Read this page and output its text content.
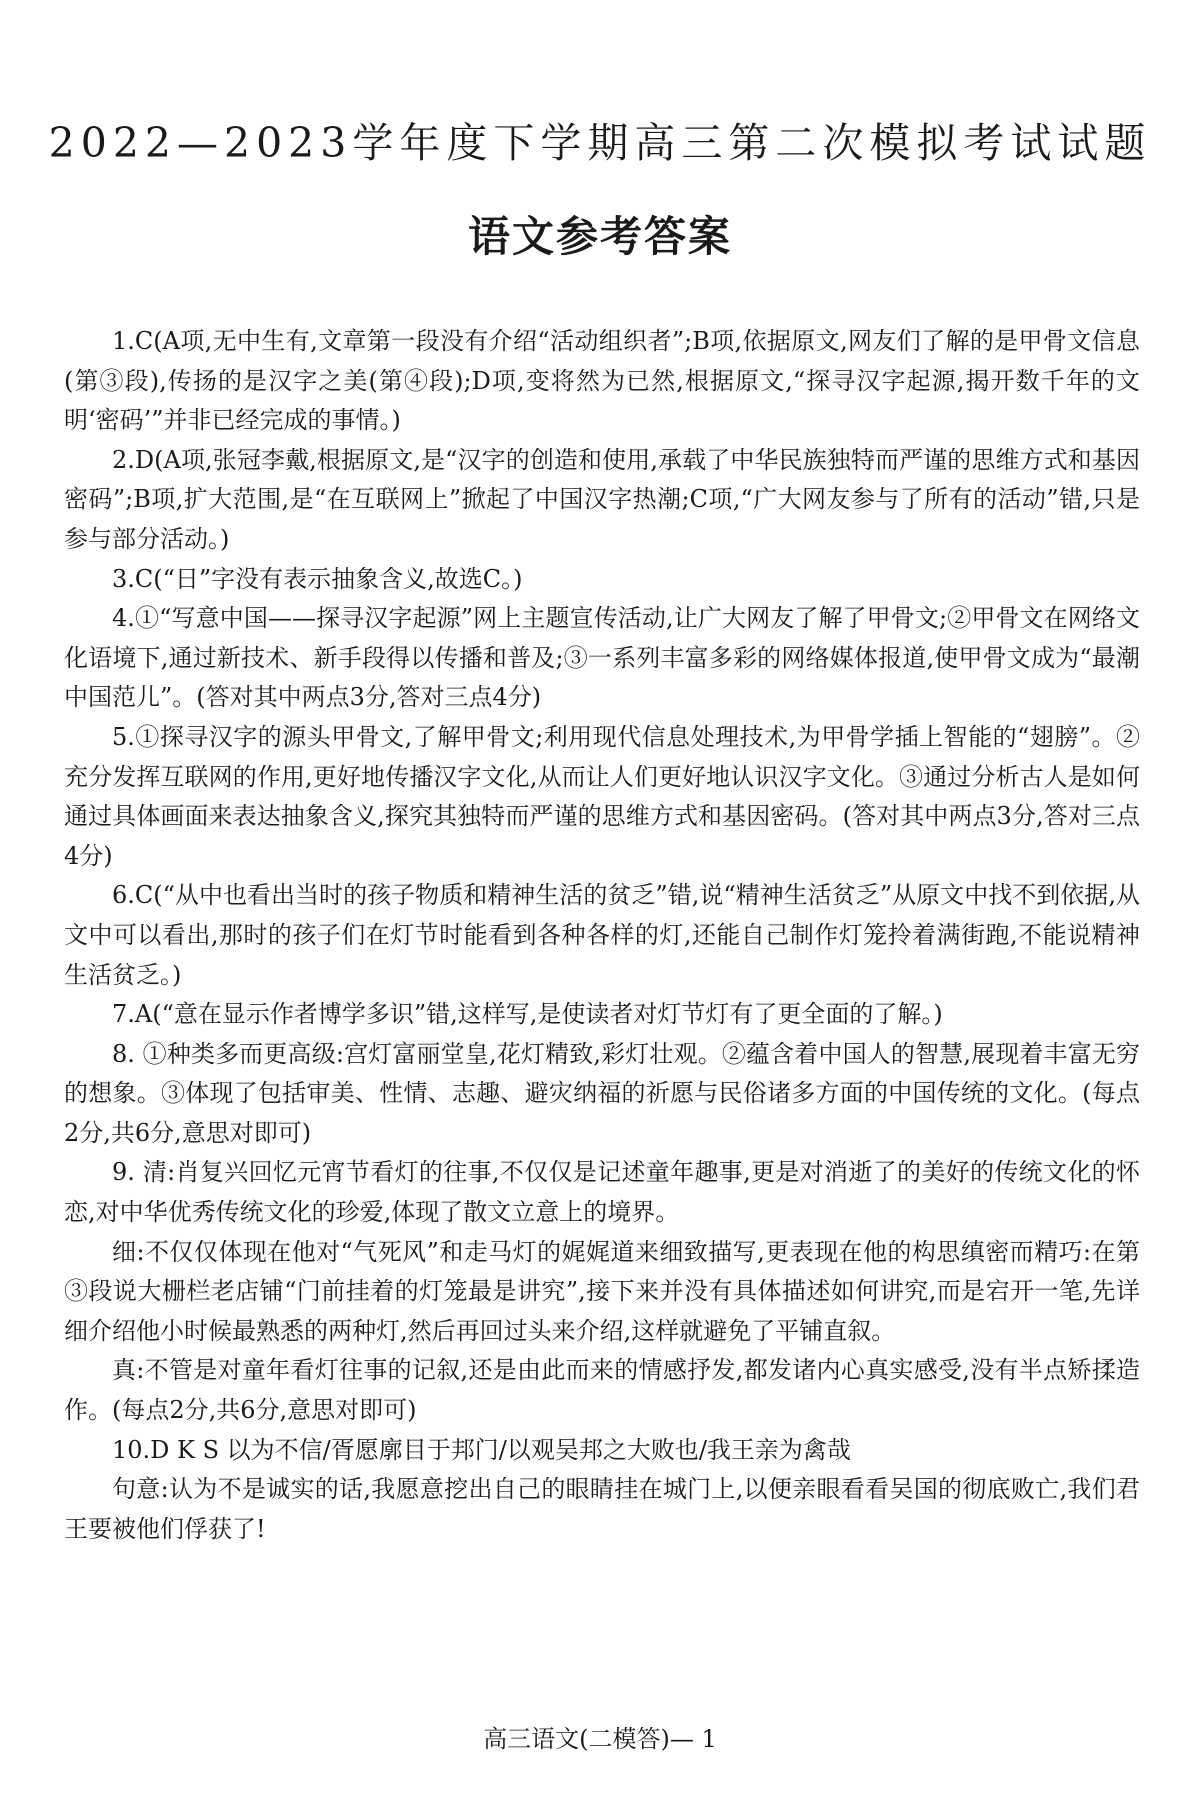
2022—2023学年度下学期高三第二次模拟考试试题
语文参考答案

1.C(A项,无中生有,文章第一段没有介绍“活动组织者”;B项,依据原文,网友们了解的是甲骨文信息(第③段),传扬的是汉字之美(第④段);D项,变将然为已然,根据原文,“探寻汉字起源,揭开数千年的文明‘密码’”并非已经完成的事情。)

2.D(A项,张冠李戴,根据原文,是“汉字的创造和使用,承载了中华民族独特而严谨的思维方式和基因密码”;B项,扩大范围,是“在互联网上”掀起了中国汉字热潮;C项,“广大网友参与了所有的活动”错,只是参与部分活动。)

3.C(“日”字没有表示抽象含义,故选C。)

4.①“写意中国——探寻汉字起源”网上主题宣传活动,让广大网友了解了甲骨文;②甲骨文在网络文化语境下,通过新技术、新手段得以传播和普及;③一系列丰富多彩的网络媒体报道,使甲骨文成为“最潮中国范儿”。(答对其中两点3分,答对三点4分)

5.①探寻汉字的源头甲骨文,了解甲骨文;利用现代信息处理技术,为甲骨学插上智能的“翅膀”。②充分发挥互联网的作用,更好地传播汉字文化,从而让人们更好地认识汉字文化。③通过分析古人是如何通过具体画面来表达抽象含义,探究其独特而严谨的思维方式和基因密码。(答对其中两点3分,答对三点4分)

6.C(“从中也看出当时的孩子物质和精神生活的贫乏”错,说“精神生活贫乏”从原文中找不到依据,从文中可以看出,那时的孩子们在灯节时能看到各种各样的灯,还能自己制作灯笼拎着满街跑,不能说精神生活贫乏。)

7.A(“意在显示作者博学多识”错,这样写,是使读者对灯节灯有了更全面的了解。)

8. ①种类多而更高级:宫灯富丽堂皇,花灯精致,彩灯壮观。②蕴含着中国人的智慧,展现着丰富无穷的想象。③体现了包括审美、性情、志趣、避灾纳福的祈愿与民俗诸多方面的中国传统的文化。(每点2分,共6分,意思对即可)

9. 清:肖复兴回忆元宵节看灯的往事,不仅仅是记述童年趣事,更是对消逝了的美好的传统文化的怀恋,对中华优秀传统文化的珍爱,体现了散文立意上的境界。

细:不仅仅体现在他对“气死风”和走马灯的娓娓道来细致描写,更表现在他的构思缜密而精巧:在第③段说大栅栏老店铺“门前挂着的灯笼最是讲究”,接下来并没有具体描述如何讲究,而是宕开一笔,先详细介绍他小时候最熟悉的两种灯,然后再回过头来介绍,这样就避免了平铺直叙。

真:不管是对童年看灯往事的记叙,还是由此而来的情感抒发,都发诸内心真实感受,没有半点矫揉造作。(每点2分,共6分,意思对即可)

10.D K S 以为不信/胥愿廓目于邦门/以观吴邦之大败也/我王亲为禽哉

句意:认为不是诚实的话,我愿意挖出自己的眼睛挂在城门上,以便亲眼看看吴国的彻底败亡,我们君王要被他们俘获了!

高三语文(二模答)— 1
